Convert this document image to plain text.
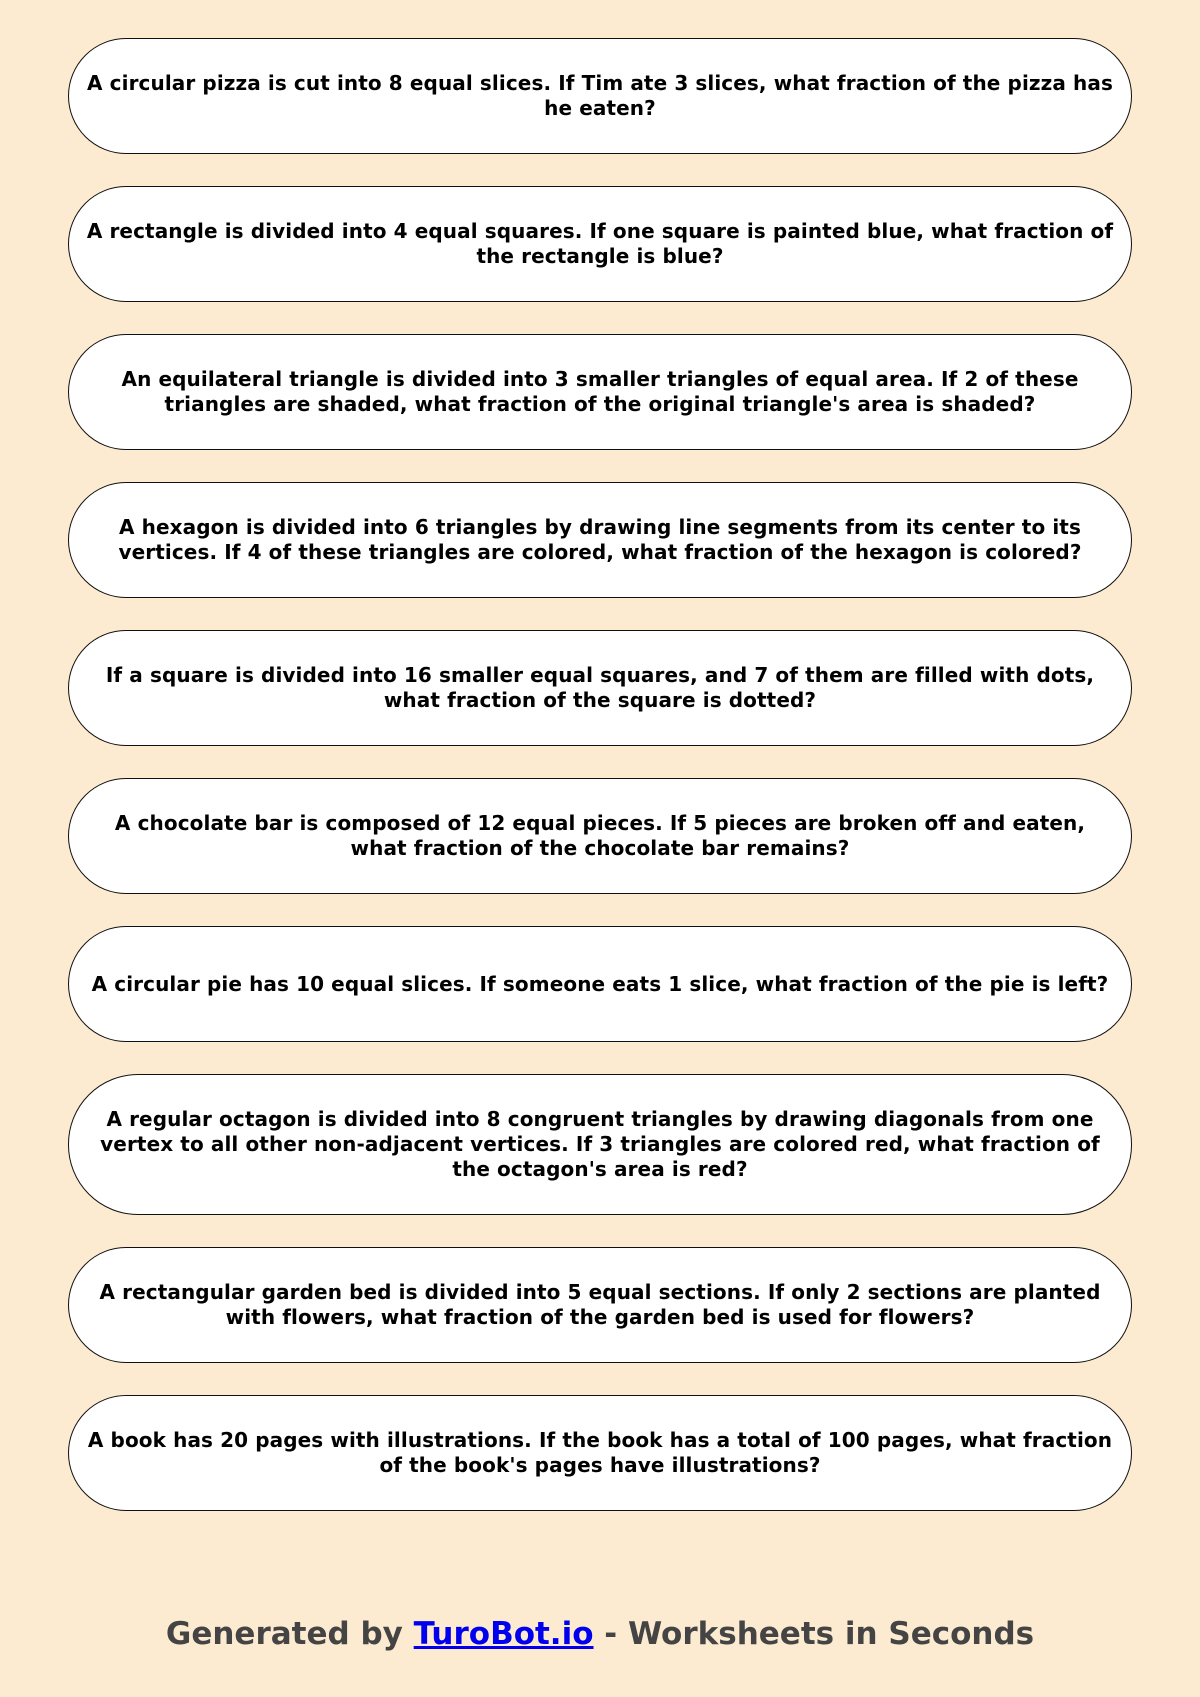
A circular pizza is cut into 8 equal slices. If Tim ate 3 slices, what fraction of the pizza has he eaten?
A rectangle is divided into 4 equal squares. If one square is painted blue, what fraction of the rectangle is blue?
An equilateral triangle is divided into 3 smaller triangles of equal area. If 2 of these triangles are shaded, what fraction of the original triangle's area is shaded?
A hexagon is divided into 6 triangles by drawing line segments from its center to its vertices. If 4 of these triangles are colored, what fraction of the hexagon is colored?
If a square is divided into 16 smaller equal squares, and 7 of them are filled with dots, what fraction of the square is dotted?
A chocolate bar is composed of 12 equal pieces. If 5 pieces are broken off and eaten, what fraction of the chocolate bar remains?
A circular pie has 10 equal slices. If someone eats 1 slice, what fraction of the pie is left?
A regular octagon is divided into 8 congruent triangles by drawing diagonals from one vertex to all other non-adjacent vertices. If 3 triangles are colored red, what fraction of the octagon's area is red?
A rectangular garden bed is divided into 5 equal sections. If only 2 sections are planted with flowers, what fraction of the garden bed is used for flowers?
A book has 20 pages with illustrations. If the book has a total of 100 pages, what fraction of the book's pages have illustrations?
Generated by TuroBot.io - Worksheets in Seconds
